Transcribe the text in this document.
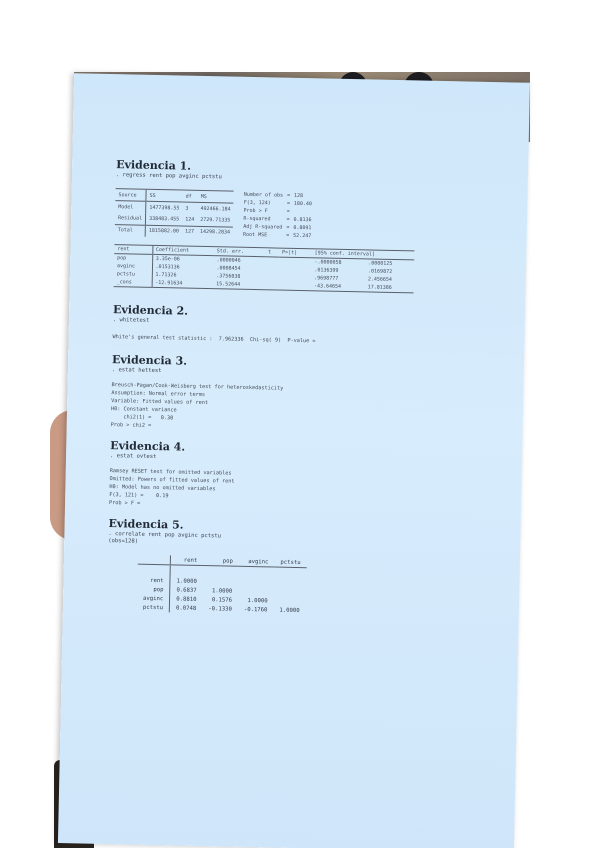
Evidencia 1.

. regress rent pop avginc pctstu

Source	SS	df	MS
Model	1477398.55	3	492466.184
Residual	338483.455	124	2729.71335
Total	1815882.00	127	14298.2834
Number of obs	=	128
F(3, 124)	=	180.40
Prob > F	=	
R-squared	=	0.8136
Adj R-squared	=	0.8091
Root MSE	=	52.247
rent	Coefficient	Std. err.	t	P>|t|	[95% conf. interval]	
pop	3.35e-06	.0000046			-.0000058	.0000125
avginc	.0153136	.0008454			.0136399	.0169872
pctstu	1.71326	.3756038			.9698777	2.456654
_cons	-12.91634	15.52644			-43.64654	17.81386

Evidencia 2.

. whitetest

White's general test statistic :  7.962336  Chi-sq( 9)  P-value =

Evidencia 3.

. estat hettest

Breusch-Pagan/Cook-Weisberg test for heteroskedasticity
Assumption: Normal error terms
Variable: Fitted values of rent
H0: Constant variance
chi2(1) =   0.30
Prob > chi2 =

Evidencia 4.

. estat ovtest

Ramsey RESET test for omitted variables
Omitted: Powers of fitted values of rent
H0: Model has no omitted variables
F(3, 121) =    0.19
Prob > F =

Evidencia 5.

. correlate rent pop avginc pctstu

(obs=128)

	rent	pop	avginc	pctstu

rent	1.0000			
pop	0.6837	1.0000		
avginc	0.8810	0.1576	1.0000	
pctstu	0.0748	-0.1330	-0.1760	1.0000
